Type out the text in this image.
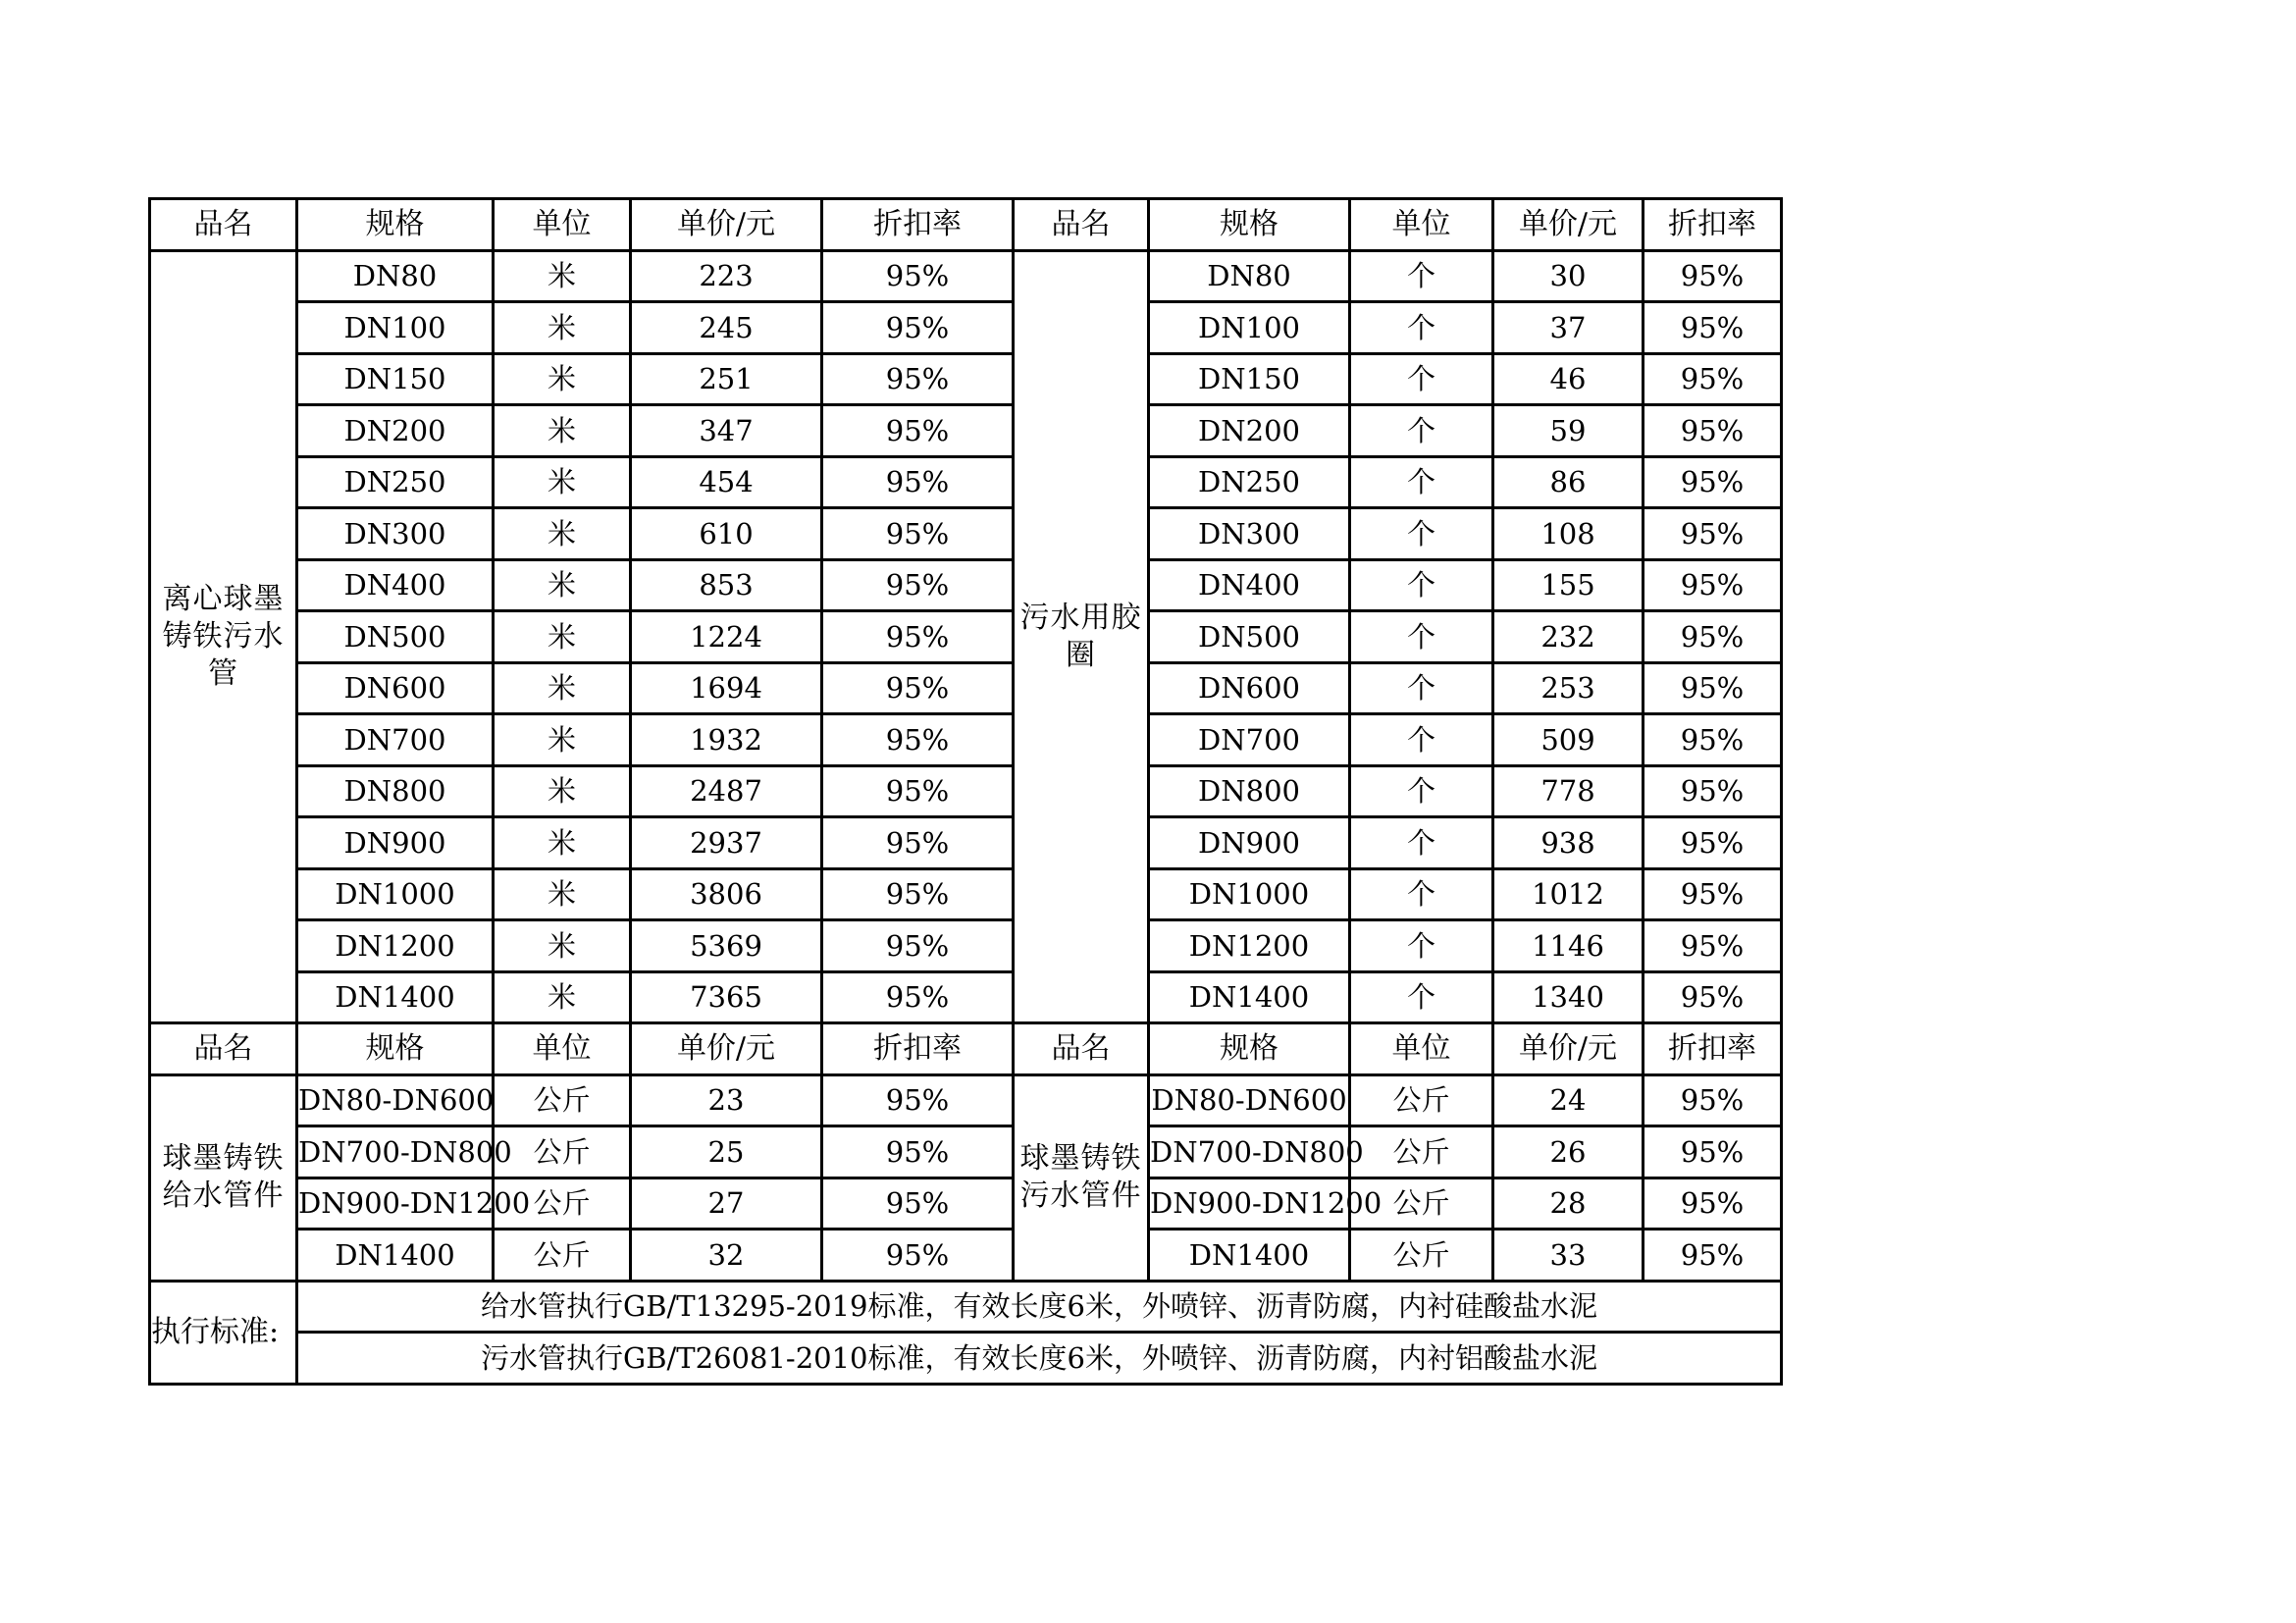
品名	规格	单位	单价/元	折扣率	品名	规格	单位	单价/元	折扣率
离心球墨铸铁污水管	DN80	米	223	95%	污水用胶圈	DN80	个	30	95%
	DN100	米	245	95%		DN100	个	37	95%
	DN150	米	251	95%		DN150	个	46	95%
	DN200	米	347	95%		DN200	个	59	95%
	DN250	米	454	95%		DN250	个	86	95%
	DN300	米	610	95%		DN300	个	108	95%
	DN400	米	853	95%		DN400	个	155	95%
	DN500	米	1224	95%		DN500	个	232	95%
	DN600	米	1694	95%		DN600	个	253	95%
	DN700	米	1932	95%		DN700	个	509	95%
	DN800	米	2487	95%		DN800	个	778	95%
	DN900	米	2937	95%		DN900	个	938	95%
	DN1000	米	3806	95%		DN1000	个	1012	95%
	DN1200	米	5369	95%		DN1200	个	1146	95%
	DN1400	米	7365	95%		DN1400	个	1340	95%
品名	规格	单位	单价/元	折扣率	品名	规格	单位	单价/元	折扣率
球墨铸铁给水管件	DN80-DN600	公斤	23	95%	球墨铸铁污水管件	DN80-DN600	公斤	24	95%
	DN700-DN800	公斤	25	95%		DN700-DN800	公斤	26	95%
	DN900-DN1200	公斤	27	95%		DN900-DN1200	公斤	28	95%
	DN1400	公斤	32	95%		DN1400	公斤	33	95%
执行标准:	给水管执行GB/T13295-2019标准，有效长度6米，外喷锌、沥青防腐，内衬硅酸盐水泥								
	污水管执行GB/T26081-2010标准，有效长度6米，外喷锌、沥青防腐，内衬铝酸盐水泥								
